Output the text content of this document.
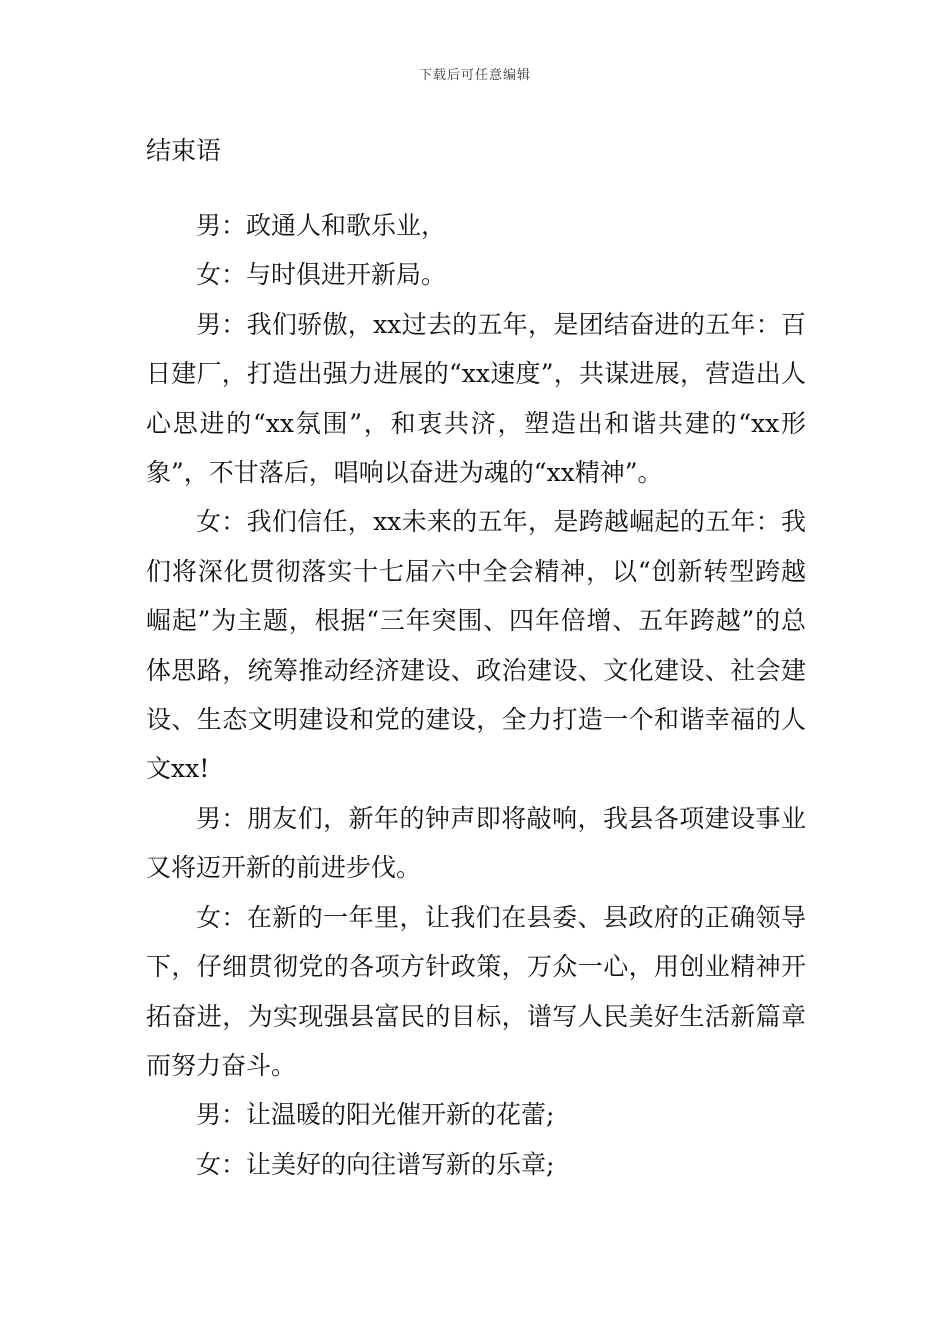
下载后可任意编辑
结束语

男：政通人和歌乐业，

女：与时俱进开新局。

男：我们骄傲，xx过去的五年，是团结奋进的五年：百日建厂，打造出强力进展的“xx速度”，共谋进展，营造出人心思进的“xx氛围”，和衷共济，塑造出和谐共建的“xx形象”，不甘落后，唱响以奋进为魂的“xx精神”。

女：我们信任，xx未来的五年，是跨越崛起的五年：我们将深化贯彻落实十七届六中全会精神，以“创新转型跨越崛起”为主题，根据“三年突围、四年倍增、五年跨越”的总体思路，统筹推动经济建设、政治建设、文化建设、社会建设、生态文明建设和党的建设，全力打造一个和谐幸福的人文xx!

男：朋友们，新年的钟声即将敲响，我县各项建设事业又将迈开新的前进步伐。

女：在新的一年里，让我们在县委、县政府的正确领导下，仔细贯彻党的各项方针政策，万众一心，用创业精神开拓奋进，为实现强县富民的目标，谱写人民美好生活新篇章而努力奋斗。

男：让温暖的阳光催开新的花蕾;

女：让美好的向往谱写新的乐章;
